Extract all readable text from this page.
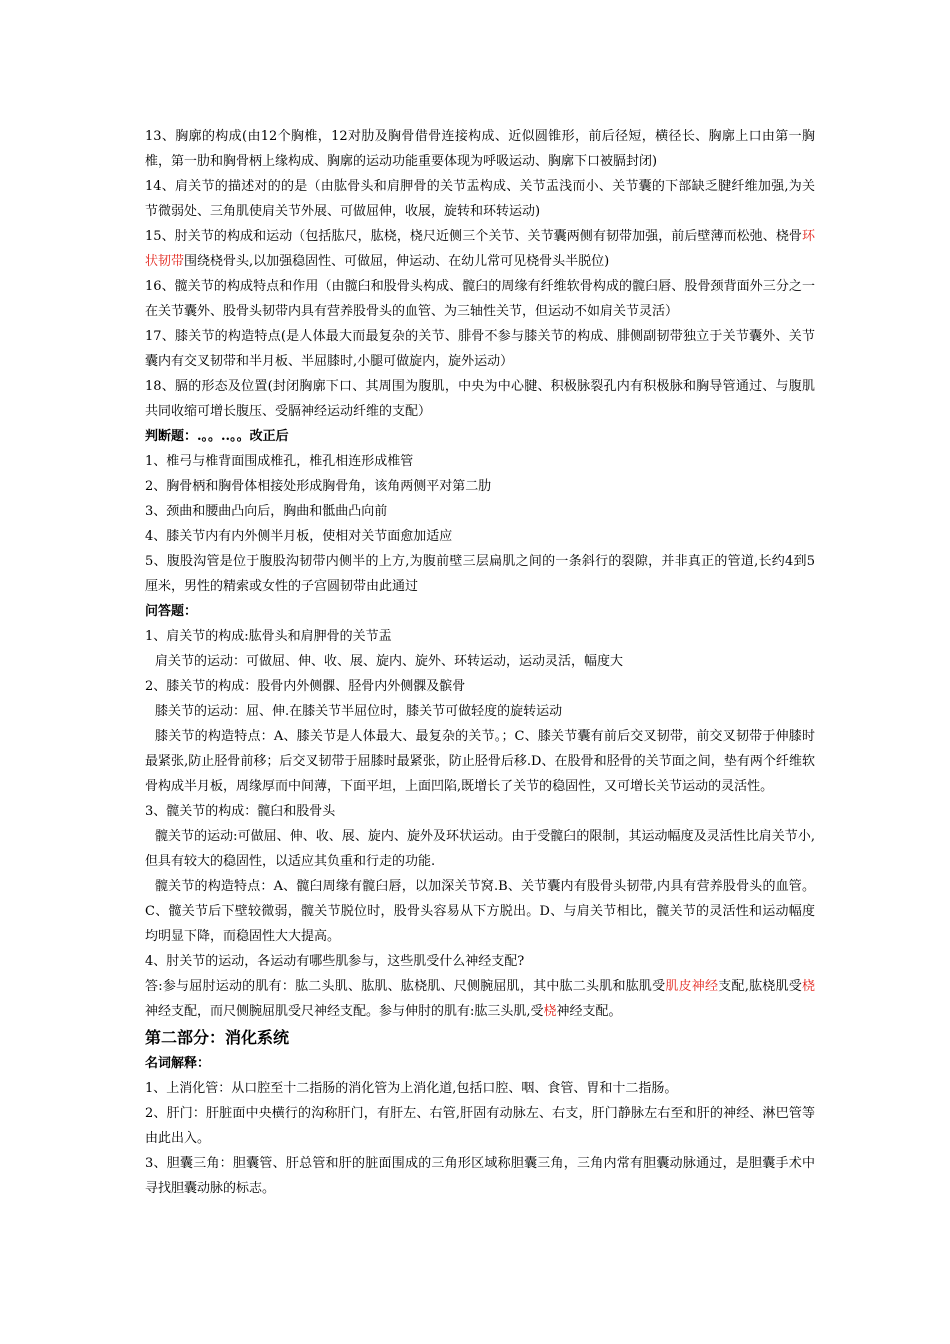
13、胸廓的构成(由12个胸椎，12对肋及胸骨借骨连接构成、近似圆锥形，前后径短，横径长、胸廓上口由第一胸椎，第一肋和胸骨柄上缘构成、胸廓的运动功能重要体现为呼吸运动、胸廓下口被膈封闭)

14、肩关节的描述对的的是（由肱骨头和肩胛骨的关节盂构成、关节盂浅而小、关节囊的下部缺乏腱纤维加强,为关节微弱处、三角肌使肩关节外展、可做屈伸，收展，旋转和环转运动)

15、肘关节的构成和运动（包括肱尺，肱桡，桡尺近侧三个关节、关节囊两侧有韧带加强，前后壁薄而松弛、桡骨环状韧带围绕桡骨头,以加强稳固性、可做屈，伸运动、在幼儿常可见桡骨头半脱位)

16、髋关节的构成特点和作用（由髋臼和股骨头构成、髋臼的周缘有纤维软骨构成的髋臼唇、股骨颈背面外三分之一在关节囊外、股骨头韧带内具有营养股骨头的血管、为三轴性关节，但运动不如肩关节灵活）

17、膝关节的构造特点(是人体最大而最复杂的关节、腓骨不参与膝关节的构成、腓侧副韧带独立于关节囊外、关节囊内有交叉韧带和半月板、半屈膝时,小腿可做旋内，旋外运动）

18、膈的形态及位置(封闭胸廓下口、其周围为腹肌，中央为中心腱、积极脉裂孔内有积极脉和胸导管通过、与腹肌共同收缩可增长腹压、受膈神经运动纤维的支配）

判断题：.。。..。。改正后

1、椎弓与椎背面围成椎孔，椎孔相连形成椎管

2、胸骨柄和胸骨体相接处形成胸骨角，该角两侧平对第二肋

3、颈曲和腰曲凸向后，胸曲和骶曲凸向前

4、膝关节内有内外侧半月板，使相对关节面愈加适应

5、腹股沟管是位于腹股沟韧带内侧半的上方,为腹前壁三层扁肌之间的一条斜行的裂隙，并非真正的管道,长约4到5厘米，男性的精索或女性的子宫圆韧带由此通过

问答题：

1、肩关节的构成:肱骨头和肩胛骨的关节盂

肩关节的运动：可做屈、伸、收、展、旋内、旋外、环转运动，运动灵活，幅度大

2、膝关节的构成：股骨内外侧髁、胫骨内外侧髁及髌骨

膝关节的运动：屈、伸.在膝关节半屈位时，膝关节可做轻度的旋转运动

膝关节的构造特点：A、膝关节是人体最大、最复杂的关节。；C、膝关节囊有前后交叉韧带，前交叉韧带于伸膝时最紧张,防止胫骨前移；后交叉韧带于屈膝时最紧张，防止胫骨后移.D、在股骨和胫骨的关节面之间，垫有两个纤维软骨构成半月板，周缘厚而中间薄，下面平坦，上面凹陷,既增长了关节的稳固性，又可增长关节运动的灵活性。

3、髋关节的构成：髋臼和股骨头

髋关节的运动:可做屈、伸、收、展、旋内、旋外及环状运动。由于受髋臼的限制，其运动幅度及灵活性比肩关节小,但具有较大的稳固性，以适应其负重和行走的功能.

髋关节的构造特点：A、髋臼周缘有髋臼唇，以加深关节窝.B、关节囊内有股骨头韧带,内具有营养股骨头的血管。C、髋关节后下壁较微弱，髋关节脱位时，股骨头容易从下方脱出。D、与肩关节相比，髋关节的灵活性和运动幅度均明显下降，而稳固性大大提高。

4、肘关节的运动，各运动有哪些肌参与，这些肌受什么神经支配?

答:参与屈肘运动的肌有：肱二头肌、肱肌、肱桡肌、尺侧腕屈肌，其中肱二头肌和肱肌受肌皮神经支配,肱桡肌受桡神经支配，而尺侧腕屈肌受尺神经支配。参与伸肘的肌有:肱三头肌,受桡神经支配。

第二部分：消化系统

名词解释：

1、上消化管：从口腔至十二指肠的消化管为上消化道,包括口腔、咽、食管、胃和十二指肠。

2、肝门：肝脏面中央横行的沟称肝门，有肝左、右管,肝固有动脉左、右支，肝门静脉左右至和肝的神经、淋巴管等由此出入。

3、胆囊三角：胆囊管、肝总管和肝的脏面围成的三角形区域称胆囊三角，三角内常有胆囊动脉通过，是胆囊手术中寻找胆囊动脉的标志。
